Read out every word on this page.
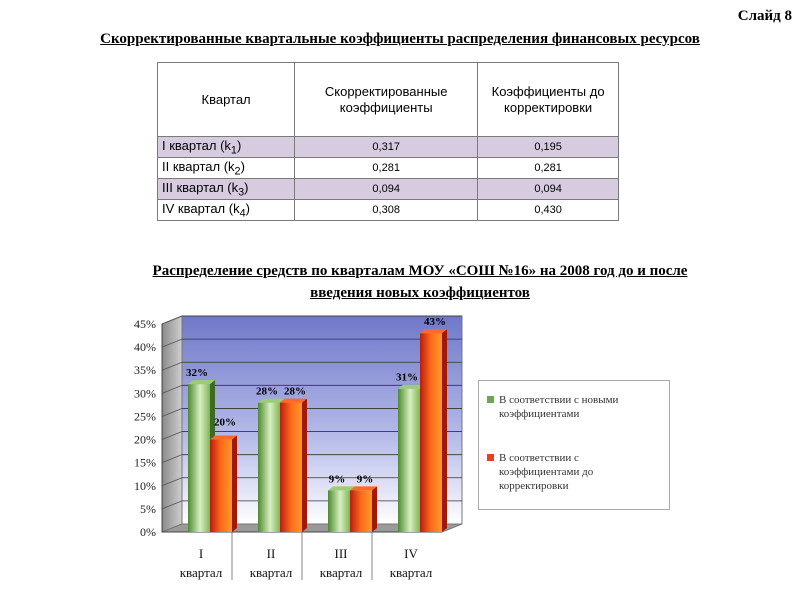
Слайд 8
Скорректированные квартальные коэффициенты распределения финансовых ресурсов
Квартал	Скорректированные коэффициенты	Коэффициенты до корректировки
I квартал $(k_1)$	0,317	0,195
II квартал $(k_2)$	0,281	0,281
III квартал $(k_3)$	0,094	0,094
IV квартал $(k_4)$	0,308	0,430
Распределение средств по кварталам МОУ «СОШ №16» на 2008 год до и после
введения новых коэффициентов
0%
5%
10%
15%
20%
25%
30%
35%
40%
45%
32%
20%
I
квартал
28% 28%
II
квартал
9% 9%
III
квартал
31%
43%
IV
квартал
В соответствии с новыми коэффициентами
В соответствии с коэффициентами до корректировки
